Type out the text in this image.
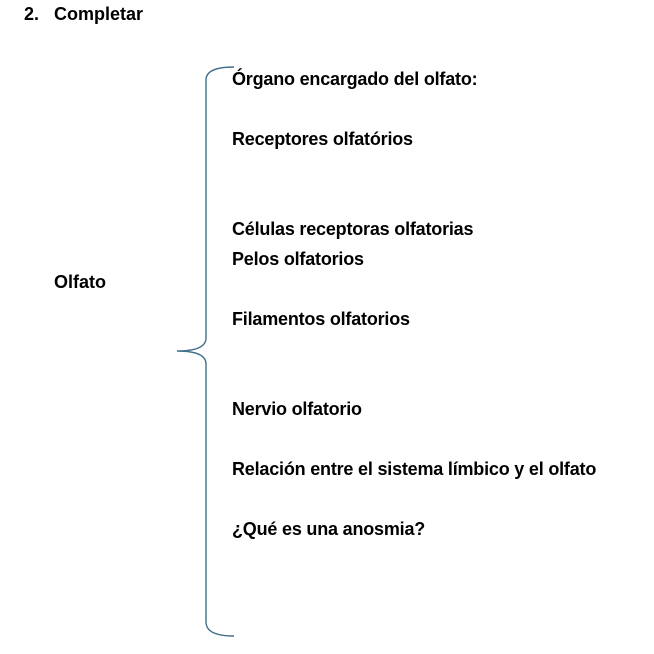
2. Completar
Olfato
Órgano encargado del olfato:
Receptores olfatórios
Células receptoras olfatorias
Pelos olfatorios
Filamentos olfatorios
Nervio olfatorio
Relación entre el sistema límbico y el olfato
¿Qué es una anosmia?
